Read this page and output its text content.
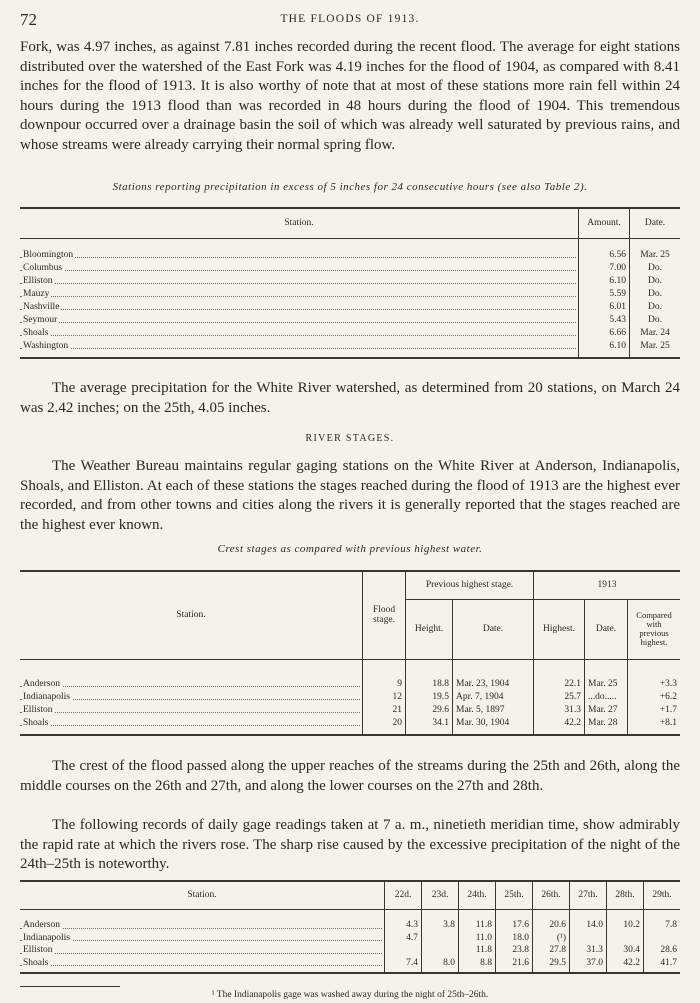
72	THE FLOODS OF 1913.

Fork, was 4.97 inches, as against 7.81 inches recorded during the recent flood. The average for eight stations distributed over the watershed of the East Fork was 4.19 inches for the flood of 1904, as compared with 8.41 inches for the flood of 1913. It is also worthy of note that at most of these stations more rain fell within 24 hours during the 1913 flood than was recorded in 48 hours during the flood of 1904. This tremendous downpour occurred over a drainage basin the soil of which was already well saturated by previous rains, and whose streams were already carrying their normal spring flow.

Stations reporting precipitation in excess of 5 inches for 24 consecutive hours (see also Table 2).
Station.	Amount.	Date.

Bloomington	6.56	Mar. 25
Columbus	7.00	Do.
Elliston	6.10	Do.
Mauzy	5.59	Do.
Nashville	6.01	Do.
Seymour	5.43	Do.
Shoals	6.66	Mar. 24
Washington	6.10	Mar. 25

The average precipitation for the White River watershed, as determined from 20 stations, on March 24 was 2.42 inches; on the 25th, 4.05 inches.

RIVER STAGES.

The Weather Bureau maintains regular gaging stations on the White River at Anderson, Indianapolis, Shoals, and Elliston. At each of these stations the stages reached during the flood of 1913 are the highest ever recorded, and from other towns and cities along the rivers it is generally reported that the stages reached are the highest ever known.

Crest stages as compared with previous highest water.
Station.	Flood stage.	Previous highest stage.		1913		
		Height.	Date.	Highest.	Date.	Compared with previous highest.

Anderson	9	18.8	Mar. 23, 1904	22.1	Mar. 25	+3.3
Indianapolis	12	19.5	Apr. 7, 1904	25.7	...do.....	+6.2
Elliston	21	29.6	Mar. 5, 1897	31.3	Mar. 27	+1.7
Shoals	20	34.1	Mar. 30, 1904	42.2	Mar. 28	+8.1

The crest of the flood passed along the upper reaches of the streams during the 25th and 26th, along the middle courses on the 26th and 27th, and along the lower courses on the 27th and 28th.

The following records of daily gage readings taken at 7 a. m., ninetieth meridian time, show admirably the rapid rate at which the rivers rose. The sharp rise caused by the excessive precipitation of the night of the 24th–25th is noteworthy.

Station.	22d.	23d.	24th.	25th.	26th.	27th.	28th.	29th.

Anderson	4.3	3.8	11.8	17.6	20.6	14.0	10.2	7.8
Indianapolis	4.7		11.0	18.0	(¹)			
Elliston			11.8	23.8	27.8	31.3	30.4	28.6
Shoals	7.4	8.0	8.8	21.6	29.5	37.0	42.2	41.7

¹ The Indianapolis gage was washed away during the night of 25th–26th.
